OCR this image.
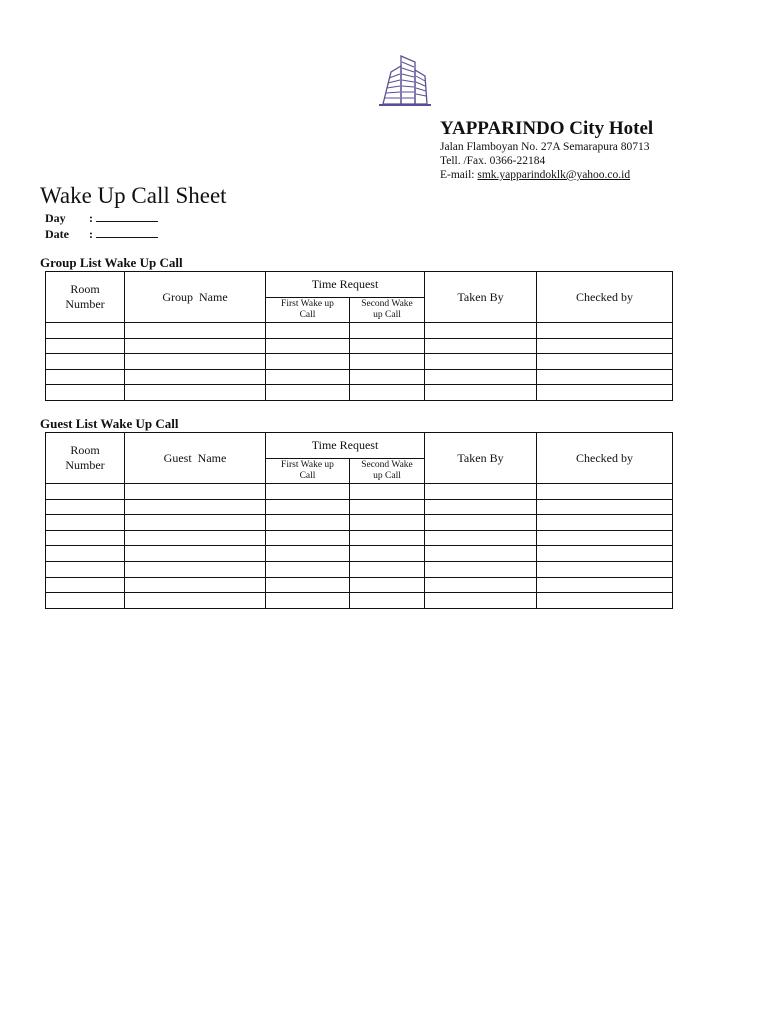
YAPPARINDO City Hotel
Jalan Flamboyan No. 27A Semarapura 80713
Tell. /Fax. 0366-22184
E-mail: smk.yapparindoklk@yahoo.co.id
Wake Up Call Sheet
Day :
Date :
Group List Wake Up Call
Room Number	Group  Name	Time Request		Taken By	Checked by
		First Wake up Call	Second Wake up Call		

Guest List Wake Up Call
Room Number	Guest  Name	Time Request		Taken By	Checked by
		First Wake up Call	Second Wake up Call		
